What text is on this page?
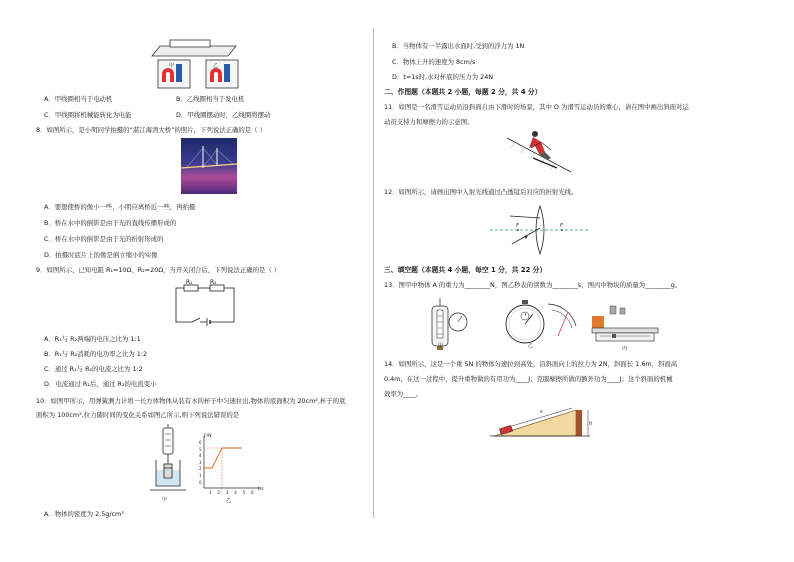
甲	乙
A．甲线圈相当于电动机	B．乙线圈相当于发电机
C．甲线圈将机械能转化为电能	D．甲线圈摆动时，乙线圈将摆动
8．如图所示，是小明同学拍摄的“湛江海湾大桥”的照片，下列说法正确的是（ ）
A．要想使桥的像小一些，小明应离桥近一些，再拍摄
B．桥在水中的倒影是由于光的直线传播形成的
C．桥在水中的倒影是由于光的折射形成的
D．拍摄时底片上的像是倒立缩小的实像
9．如图所示，已知电阻 R₁=10Ω、R₂=20Ω，当开关闭合后，下列说法正确的是（ ）
R₁	R₂
A．R₁与 R₂两端的电压之比为 1:1
B．R₁与 R₂消耗的电功率之比为 1:2
C．通过 R₁与 R₂的电流之比为 1:2
D．电流通过 R₁后，通过 R₂的电流变小
10．如图甲所示，用弹簧测力计将一长方体物体从装有水的杯子中匀速拉出,物体的底面积为 20cm²,杯子的底
面积为 100cm²,拉力随时间的变化关系如图乙所示,则下列说法错误的是
甲
F/N
t/s
6
5
4
3
2
1
0
1 2 3 4 5 6
乙
A．物体的密度为 2.5g/cm³
B．当物体有一半露出水面时,受到的浮力为 1N
C．物体上升的速度为 8cm/s
D．t=1s时,水对杯底的压力为 24N
二、作图题（本题共 2 小题，每题 2 分，共 4 分）
11．如图是一名滑雪运动员沿斜面自由下滑时的场景，其中 O 为滑雪运动员的重心，请在图中画出斜面对运
动员支持力和摩擦力的示意图。
12．如图所示，请画出图中入射光线通过凸透镜后对应的折射光线。
F	F
三、填空题（本题共 4 小题，每空 1 分，共 22 分）
13．图甲中物体 A 的重力为________N，图乙秒表的读数为________s，图丙中物块的质量为________g。
甲	乙	丙
14．如图所示，这是一个重 5N 的物体匀速拉到高处，沿斜面向上的拉力为 2N，斜面长 1.6m，斜面高
0.4m，在这一过程中，提升重物做的有用功为____J；克服摩擦所做的额外功为____J；这个斜面的机械
效率为____。
s
h
